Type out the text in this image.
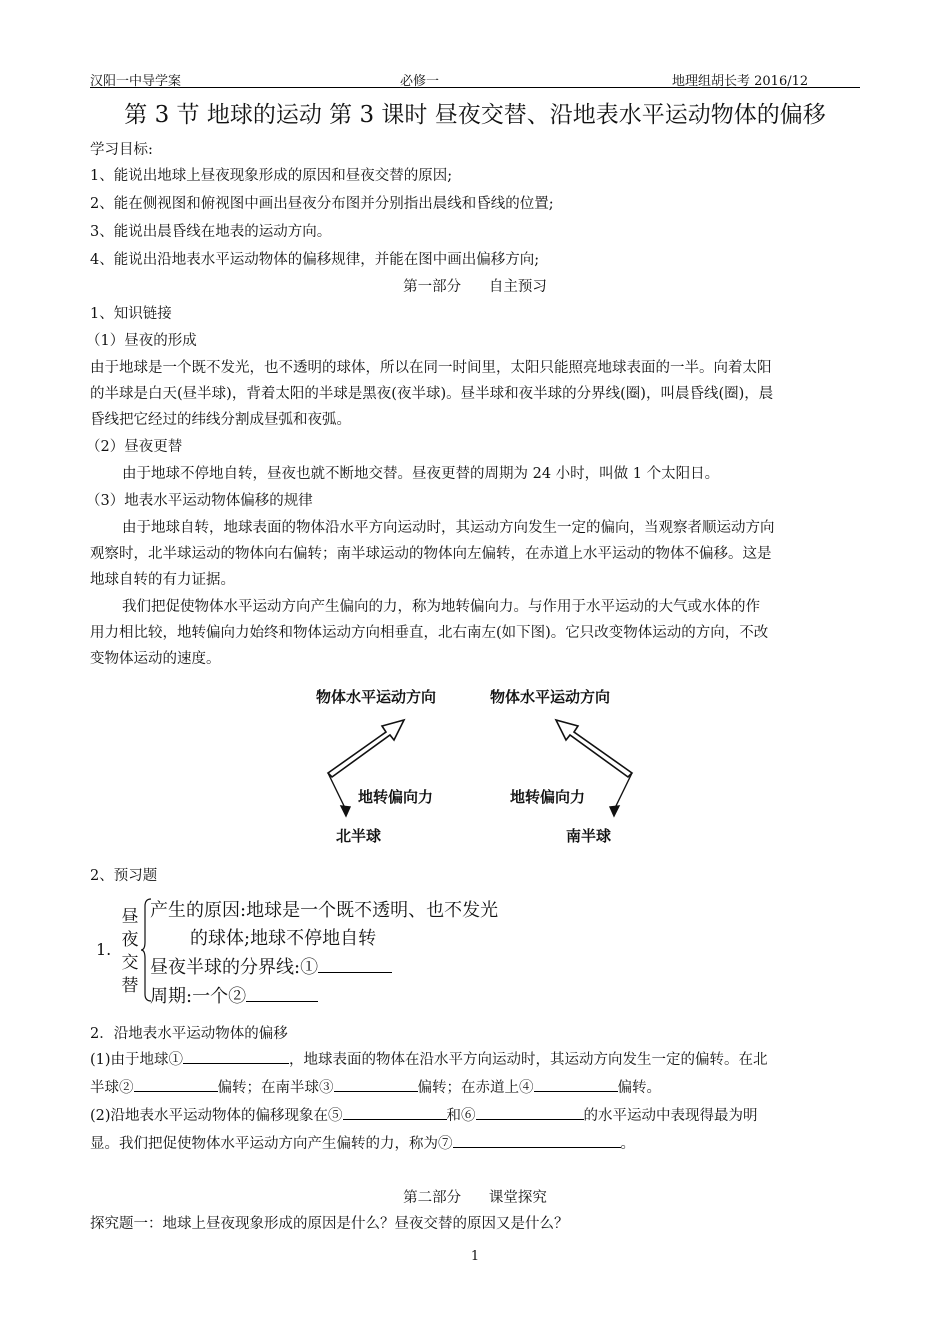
汉阳一中导学案	必修一	地理组胡长考 2016/12
第 3 节 地球的运动 第 3 课时 昼夜交替、沿地表水平运动物体的偏移
学习目标:
1、能说出地球上昼夜现象形成的原因和昼夜交替的原因;
2、能在侧视图和俯视图中画出昼夜分布图并分别指出晨线和昏线的位置;
3、能说出晨昏线在地表的运动方向。
4、能说出沿地表水平运动物体的偏移规律，并能在图中画出偏移方向;
第一部分      自主预习
1、知识链接
（1）昼夜的形成
由于地球是一个既不发光，也不透明的球体，所以在同一时间里，太阳只能照亮地球表面的一半。向着太阳
的半球是白天(昼半球)，背着太阳的半球是黑夜(夜半球)。昼半球和夜半球的分界线(圈)，叫晨昏线(圈)，晨
昏线把它经过的纬线分割成昼弧和夜弧。
（2）昼夜更替
由于地球不停地自转，昼夜也就不断地交替。昼夜更替的周期为 24 小时，叫做 1 个太阳日。
（3）地表水平运动物体偏移的规律
由于地球自转，地球表面的物体沿水平方向运动时，其运动方向发生一定的偏向，当观察者顺运动方向
观察时，北半球运动的物体向右偏转；南半球运动的物体向左偏转，在赤道上水平运动的物体不偏移。这是
地球自转的有力证据。
我们把促使物体水平运动方向产生偏向的力，称为地转偏向力。与作用于水平运动的大气或水体的作
用力相比较，地转偏向力始终和物体运动方向相垂直，北右南左(如下图)。它只改变物体运动的方向，不改
变物体运动的速度。
物体水平运动方向	物体水平运动方向
地转偏向力	地转偏向力
北半球	南半球
2、预习题
1.
昼
夜
交
替
产生的原因:地球是一个既不透明、也不发光
的球体;地球不停地自转
昼夜半球的分界线:①
周期:一个②
2．沿地表水平运动物体的偏移
(1)由于地球①	，地球表面的物体在沿水平方向运动时，其运动方向发生一定的偏转。在北
半球②	偏转；在南半球③	偏转；在赤道上④	偏转。
(2)沿地表水平运动物体的偏移现象在⑤	和⑥	的水平运动中表现得最为明
显。我们把促使物体水平运动方向产生偏转的力，称为⑦	。
第二部分      课堂探究
探究题一：地球上昼夜现象形成的原因是什么？昼夜交替的原因又是什么？
1
